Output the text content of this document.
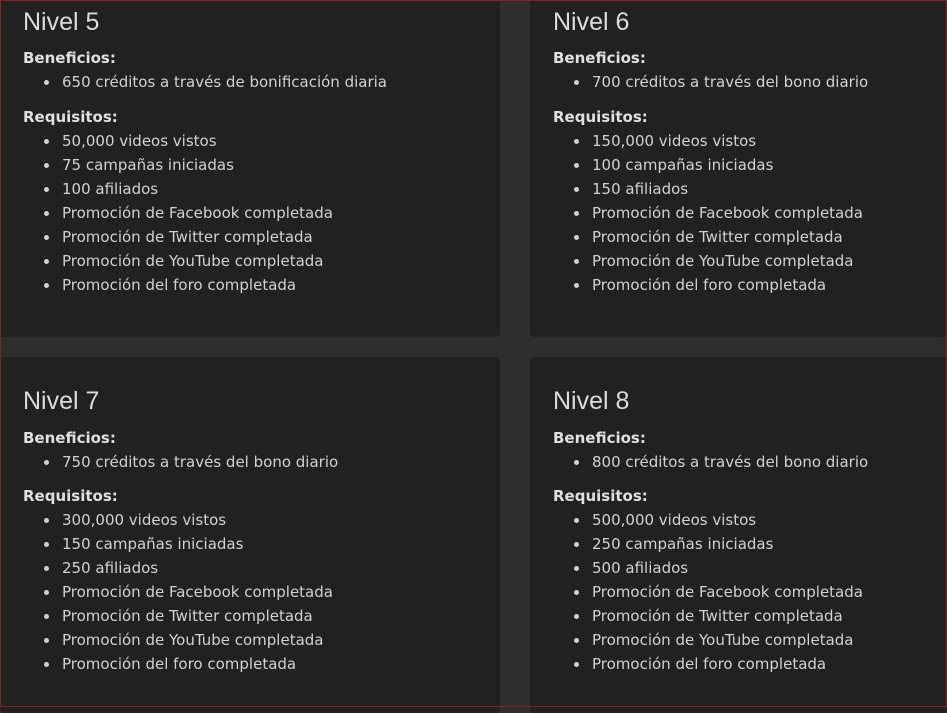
Nivel 5
Beneficios:
650 créditos a través de bonificación diaria
Requisitos:
50,000 videos vistos
75 campañas iniciadas
100 afiliados
Promoción de Facebook completada
Promoción de Twitter completada
Promoción de YouTube completada
Promoción del foro completada
Nivel 6
Beneficios:
700 créditos a través del bono diario
Requisitos:
150,000 videos vistos
100 campañas iniciadas
150 afiliados
Promoción de Facebook completada
Promoción de Twitter completada
Promoción de YouTube completada
Promoción del foro completada
Nivel 7
Beneficios:
750 créditos a través del bono diario
Requisitos:
300,000 videos vistos
150 campañas iniciadas
250 afiliados
Promoción de Facebook completada
Promoción de Twitter completada
Promoción de YouTube completada
Promoción del foro completada
Nivel 8
Beneficios:
800 créditos a través del bono diario
Requisitos:
500,000 videos vistos
250 campañas iniciadas
500 afiliados
Promoción de Facebook completada
Promoción de Twitter completada
Promoción de YouTube completada
Promoción del foro completada
